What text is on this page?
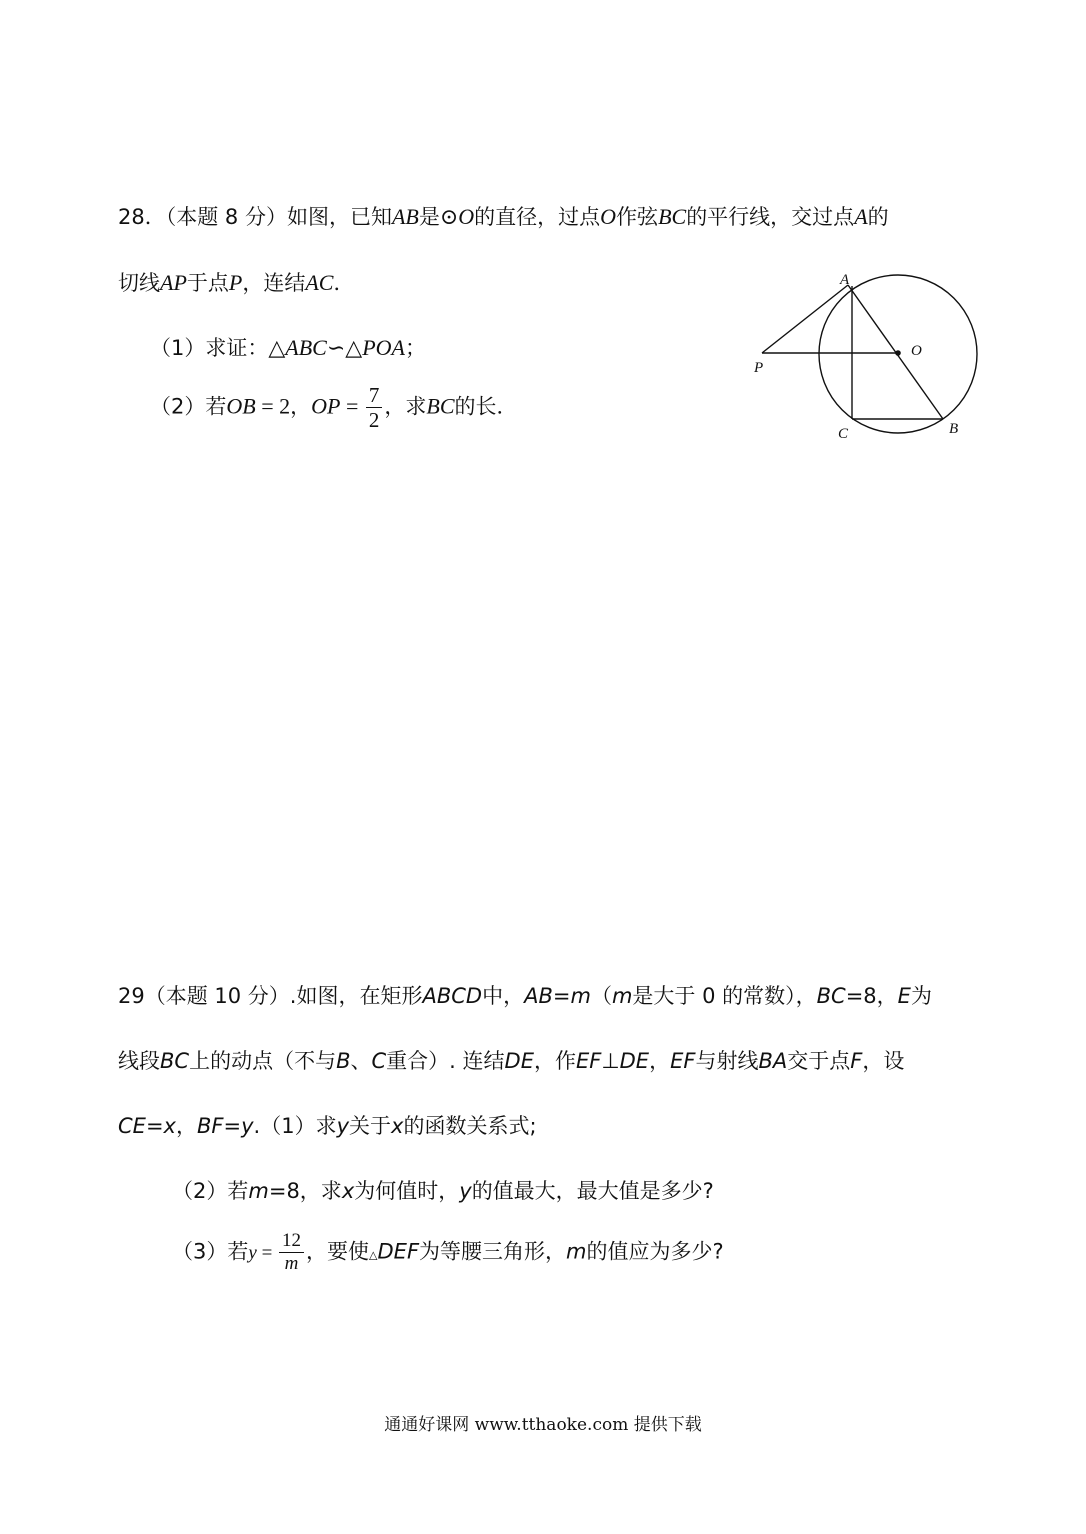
28．（本题 8 分）如图，已知AB是⊙O的直径，过点O作弦BC的平行线，交过点A的
切线AP于点P，连结AC．
（1）求证：△ABC∽△POA；
（2）若OB = 2，OP = $\frac{7}{2}$ ，求BC的长．
A
O
P
C	B
29（本题 10 分）.如图，在矩形ABCD中，AB=m（m是大于 0 的常数），BC=8，E为
线段BC上的动点（不与B、C重合）. 连结DE，作EF⊥DE，EF与射线BA交于点F，设
CE=x，BF=y.（1）求y关于x的函数关系式;
（2）若m=8，求x为何值时，y的值最大，最大值是多少?
（3）若$y = \frac{12}{m}$ ，要使△DEF为等腰三角形，m的值应为多少?
通通好课网 www.tthaoke.com 提供下载
